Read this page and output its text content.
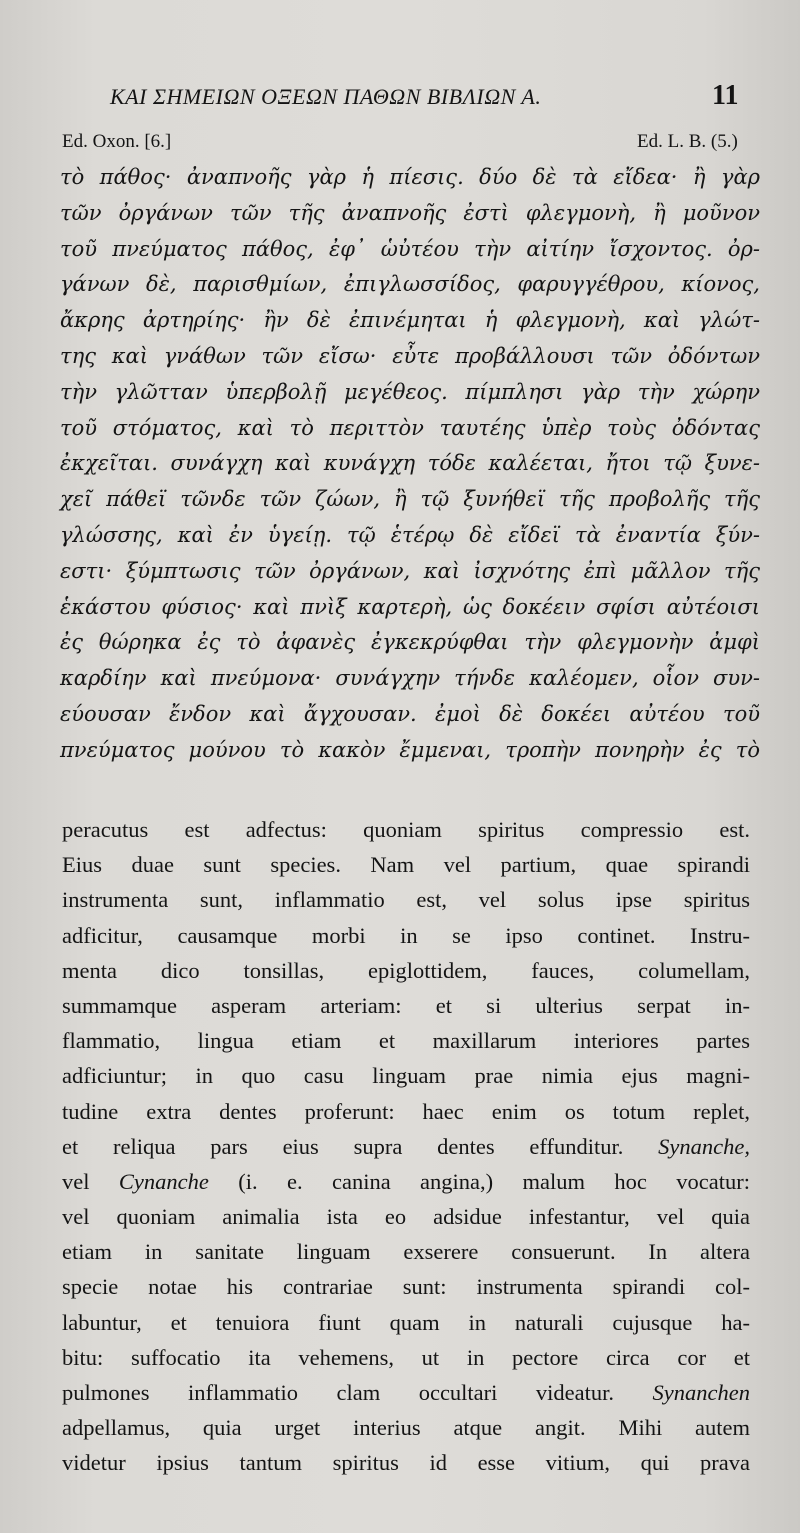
ΚΑΙ ΣΗΜΕΙΩΝ ΟΞΕΩΝ ΠΑΘΩΝ ΒΙΒΛΙΩΝ Α.	11
Ed. Oxon. [6.]	Ed. L. B. (5.)
τὸ πάθος· ἀναπνοῆς γὰρ ἡ πίεσις. δύο δὲ τὰ εἴδεα· ἢ γὰρ
τῶν ὀργάνων τῶν τῆς ἀναπνοῆς ἐστὶ φλεγμονὴ, ἢ μοῦνον
τοῦ πνεύματος πάθος, ἐφ᾽ ὡὐτέου τὴν αἰτίην ἴσχοντος. ὀρ-
γάνων δὲ, παρισθμίων, ἐπιγλωσσίδος, φαρυγγέθρου, κίονος,
ἄκρης ἀρτηρίης· ἢν δὲ ἐπινέμηται ἡ φλεγμονὴ, καὶ γλώτ-
της καὶ γνάθων τῶν εἴσω· εὖτε προβάλλουσι τῶν ὀδόντων
τὴν γλῶτταν ὑπερβολῇ μεγέθεος. πίμπλησι γὰρ τὴν χώρην
τοῦ στόματος, καὶ τὸ περιττὸν ταυτέης ὑπὲρ τοὺς ὀδόντας
ἐκχεῖται. συνάγχη καὶ κυνάγχη τόδε καλέεται, ἤτοι τῷ ξυνε-
χεῖ πάθεϊ τῶνδε τῶν ζώων, ἢ τῷ ξυνήθεϊ τῆς προβολῆς τῆς
γλώσσης, καὶ ἐν ὑγείῃ. τῷ ἑτέρῳ δὲ εἴδεϊ τὰ ἐναντία ξύν-
εστι· ξύμπτωσις τῶν ὀργάνων, καὶ ἰσχνότης ἐπὶ μᾶλλον τῆς
ἑκάστου φύσιος· καὶ πνὶξ καρτερὴ, ὡς δοκέειν σφίσι αὐτέοισι
ἐς θώρηκα ἐς τὸ ἀφανὲς ἐγκεκρύφθαι τὴν φλεγμονὴν ἀμφὶ
καρδίην καὶ πνεύμονα· συνάγχην τήνδε καλέομεν, οἷον συν-
εύουσαν ἔνδον καὶ ἄγχουσαν. ἐμοὶ δὲ δοκέει αὐτέου τοῦ
πνεύματος μούνου τὸ κακὸν ἔμμεναι, τροπὴν πονηρὴν ἐς τὸ
peracutus est adfectus: quoniam spiritus compressio est.
Eius duae sunt species. Nam vel partium, quae spirandi
instrumenta sunt, inflammatio est, vel solus ipse spiritus
adficitur, causamque morbi in se ipso continet. Instru-
menta dico tonsillas, epiglottidem, fauces, columellam,
summamque asperam arteriam: et si ulterius serpat in-
flammatio, lingua etiam et maxillarum interiores partes
adficiuntur; in quo casu linguam prae nimia ejus magni-
tudine extra dentes proferunt: haec enim os totum replet,
et reliqua pars eius supra dentes effunditur. Synanche,
vel Cynanche (i. e. canina angina,) malum hoc vocatur:
vel quoniam animalia ista eo adsidue infestantur, vel quia
etiam in sanitate linguam exserere consuerunt. In altera
specie notae his contrariae sunt: instrumenta spirandi col-
labuntur, et tenuiora fiunt quam in naturali cujusque ha-
bitu: suffocatio ita vehemens, ut in pectore circa cor et
pulmones inflammatio clam occultari videatur. Synanchen
adpellamus, quia urget interius atque angit. Mihi autem
videtur ipsius tantum spiritus id esse vitium, qui prava
